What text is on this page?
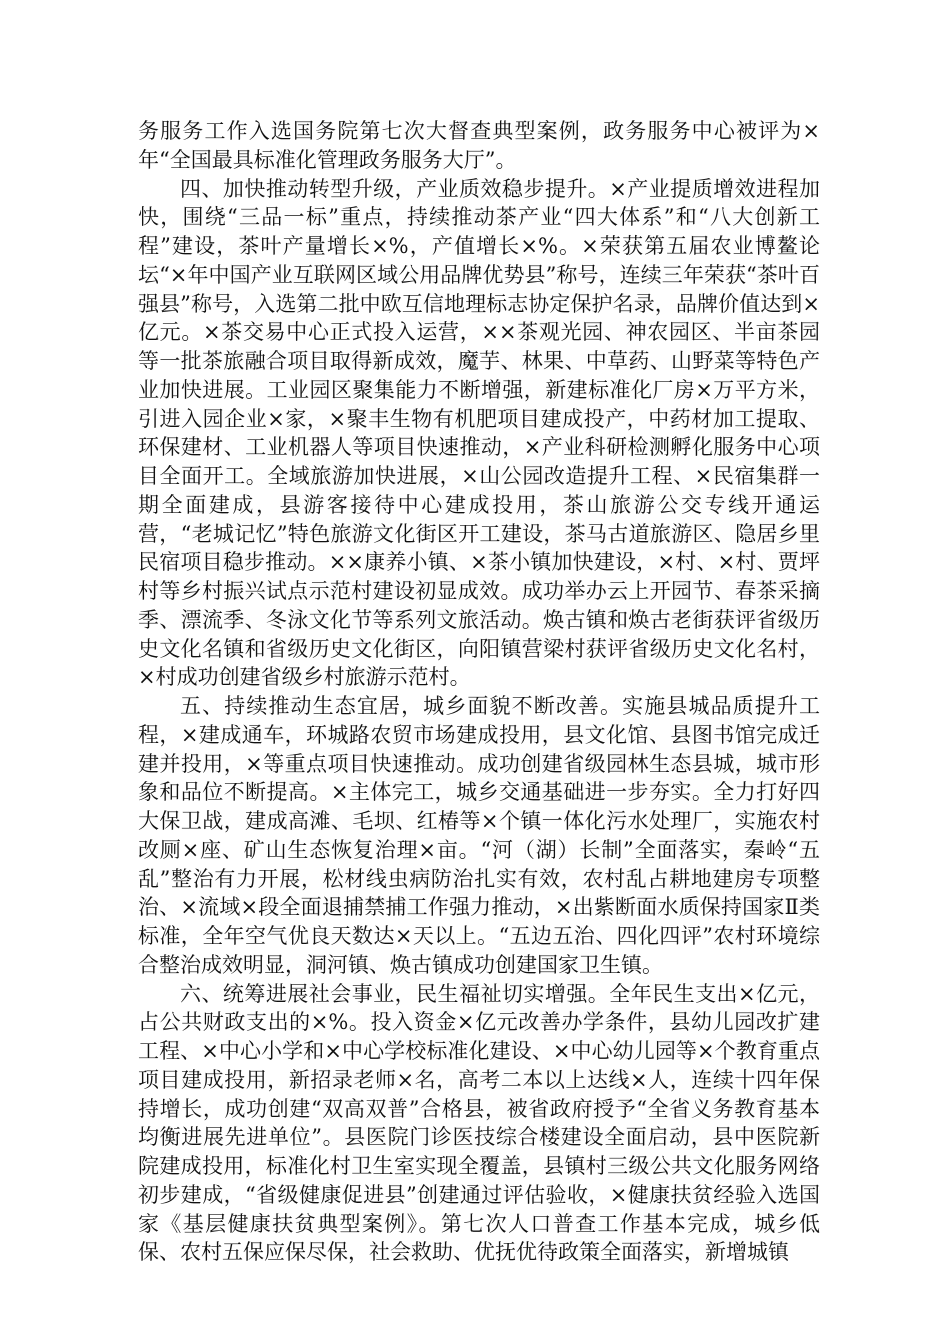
务服务工作入选国务院第七次大督查典型案例，政务服务中心被评为×年“全国最具标准化管理政务服务大厅”。

四、加快推动转型升级，产业质效稳步提升。×产业提质增效进程加快，围绕“三品一标”重点，持续推动茶产业“四大体系”和“八大创新工程”建设，茶叶产量增长×%，产值增长×%。×荣获第五届农业博鳌论坛“×年中国产业互联网区域公用品牌优势县”称号，连续三年荣获“茶叶百强县”称号，入选第二批中欧互信地理标志协定保护名录，品牌价值达到×亿元。×茶交易中心正式投入运营，××茶观光园、神农园区、半亩茶园等一批茶旅融合项目取得新成效，魔芋、林果、中草药、山野菜等特色产业加快进展。工业园区聚集能力不断增强，新建标准化厂房×万平方米，引进入园企业×家，×聚丰生物有机肥项目建成投产，中药材加工提取、环保建材、工业机器人等项目快速推动，×产业科研检测孵化服务中心项目全面开工。全域旅游加快进展，×山公园改造提升工程、×民宿集群一期全面建成，县游客接待中心建成投用，茶山旅游公交专线开通运营，“老城记忆”特色旅游文化街区开工建设，茶马古道旅游区、隐居乡里民宿项目稳步推动。××康养小镇、×茶小镇加快建设，×村、×村、贾坪村等乡村振兴试点示范村建设初显成效。成功举办云上开园节、春茶采摘季、漂流季、冬泳文化节等系列文旅活动。焕古镇和焕古老街获评省级历史文化名镇和省级历史文化街区，向阳镇营梁村获评省级历史文化名村，×村成功创建省级乡村旅游示范村。

五、持续推动生态宜居，城乡面貌不断改善。实施县城品质提升工程，×建成通车，环城路农贸市场建成投用，县文化馆、县图书馆完成迁建并投用，×等重点项目快速推动。成功创建省级园林生态县城，城市形象和品位不断提高。×主体完工，城乡交通基础进一步夯实。全力打好四大保卫战，建成高滩、毛坝、红椿等×个镇一体化污水处理厂，实施农村改厕×座、矿山生态恢复治理×亩。“河（湖）长制”全面落实，秦岭“五乱”整治有力开展，松材线虫病防治扎实有效，农村乱占耕地建房专项整治、×流域×段全面退捕禁捕工作强力推动，×出紫断面水质保持国家Ⅱ类标准，全年空气优良天数达×天以上。“五边五治、四化四评”农村环境综合整治成效明显，洞河镇、焕古镇成功创建国家卫生镇。

六、统筹进展社会事业，民生福祉切实增强。全年民生支出×亿元，占公共财政支出的×%。投入资金×亿元改善办学条件，县幼儿园改扩建工程、×中心小学和×中心学校标准化建设、×中心幼儿园等×个教育重点项目建成投用，新招录老师×名，高考二本以上达线×人，连续十四年保持增长，成功创建“双高双普”合格县，被省政府授予“全省义务教育基本均衡进展先进单位”。县医院门诊医技综合楼建设全面启动，县中医院新院建成投用，标准化村卫生室实现全覆盖，县镇村三级公共文化服务网络初步建成，“省级健康促进县”创建通过评估验收，×健康扶贫经验入选国家《基层健康扶贫典型案例》。第七次人口普查工作基本完成，城乡低保、农村五保应保尽保，社会救助、优抚优待政策全面落实，新增城镇
